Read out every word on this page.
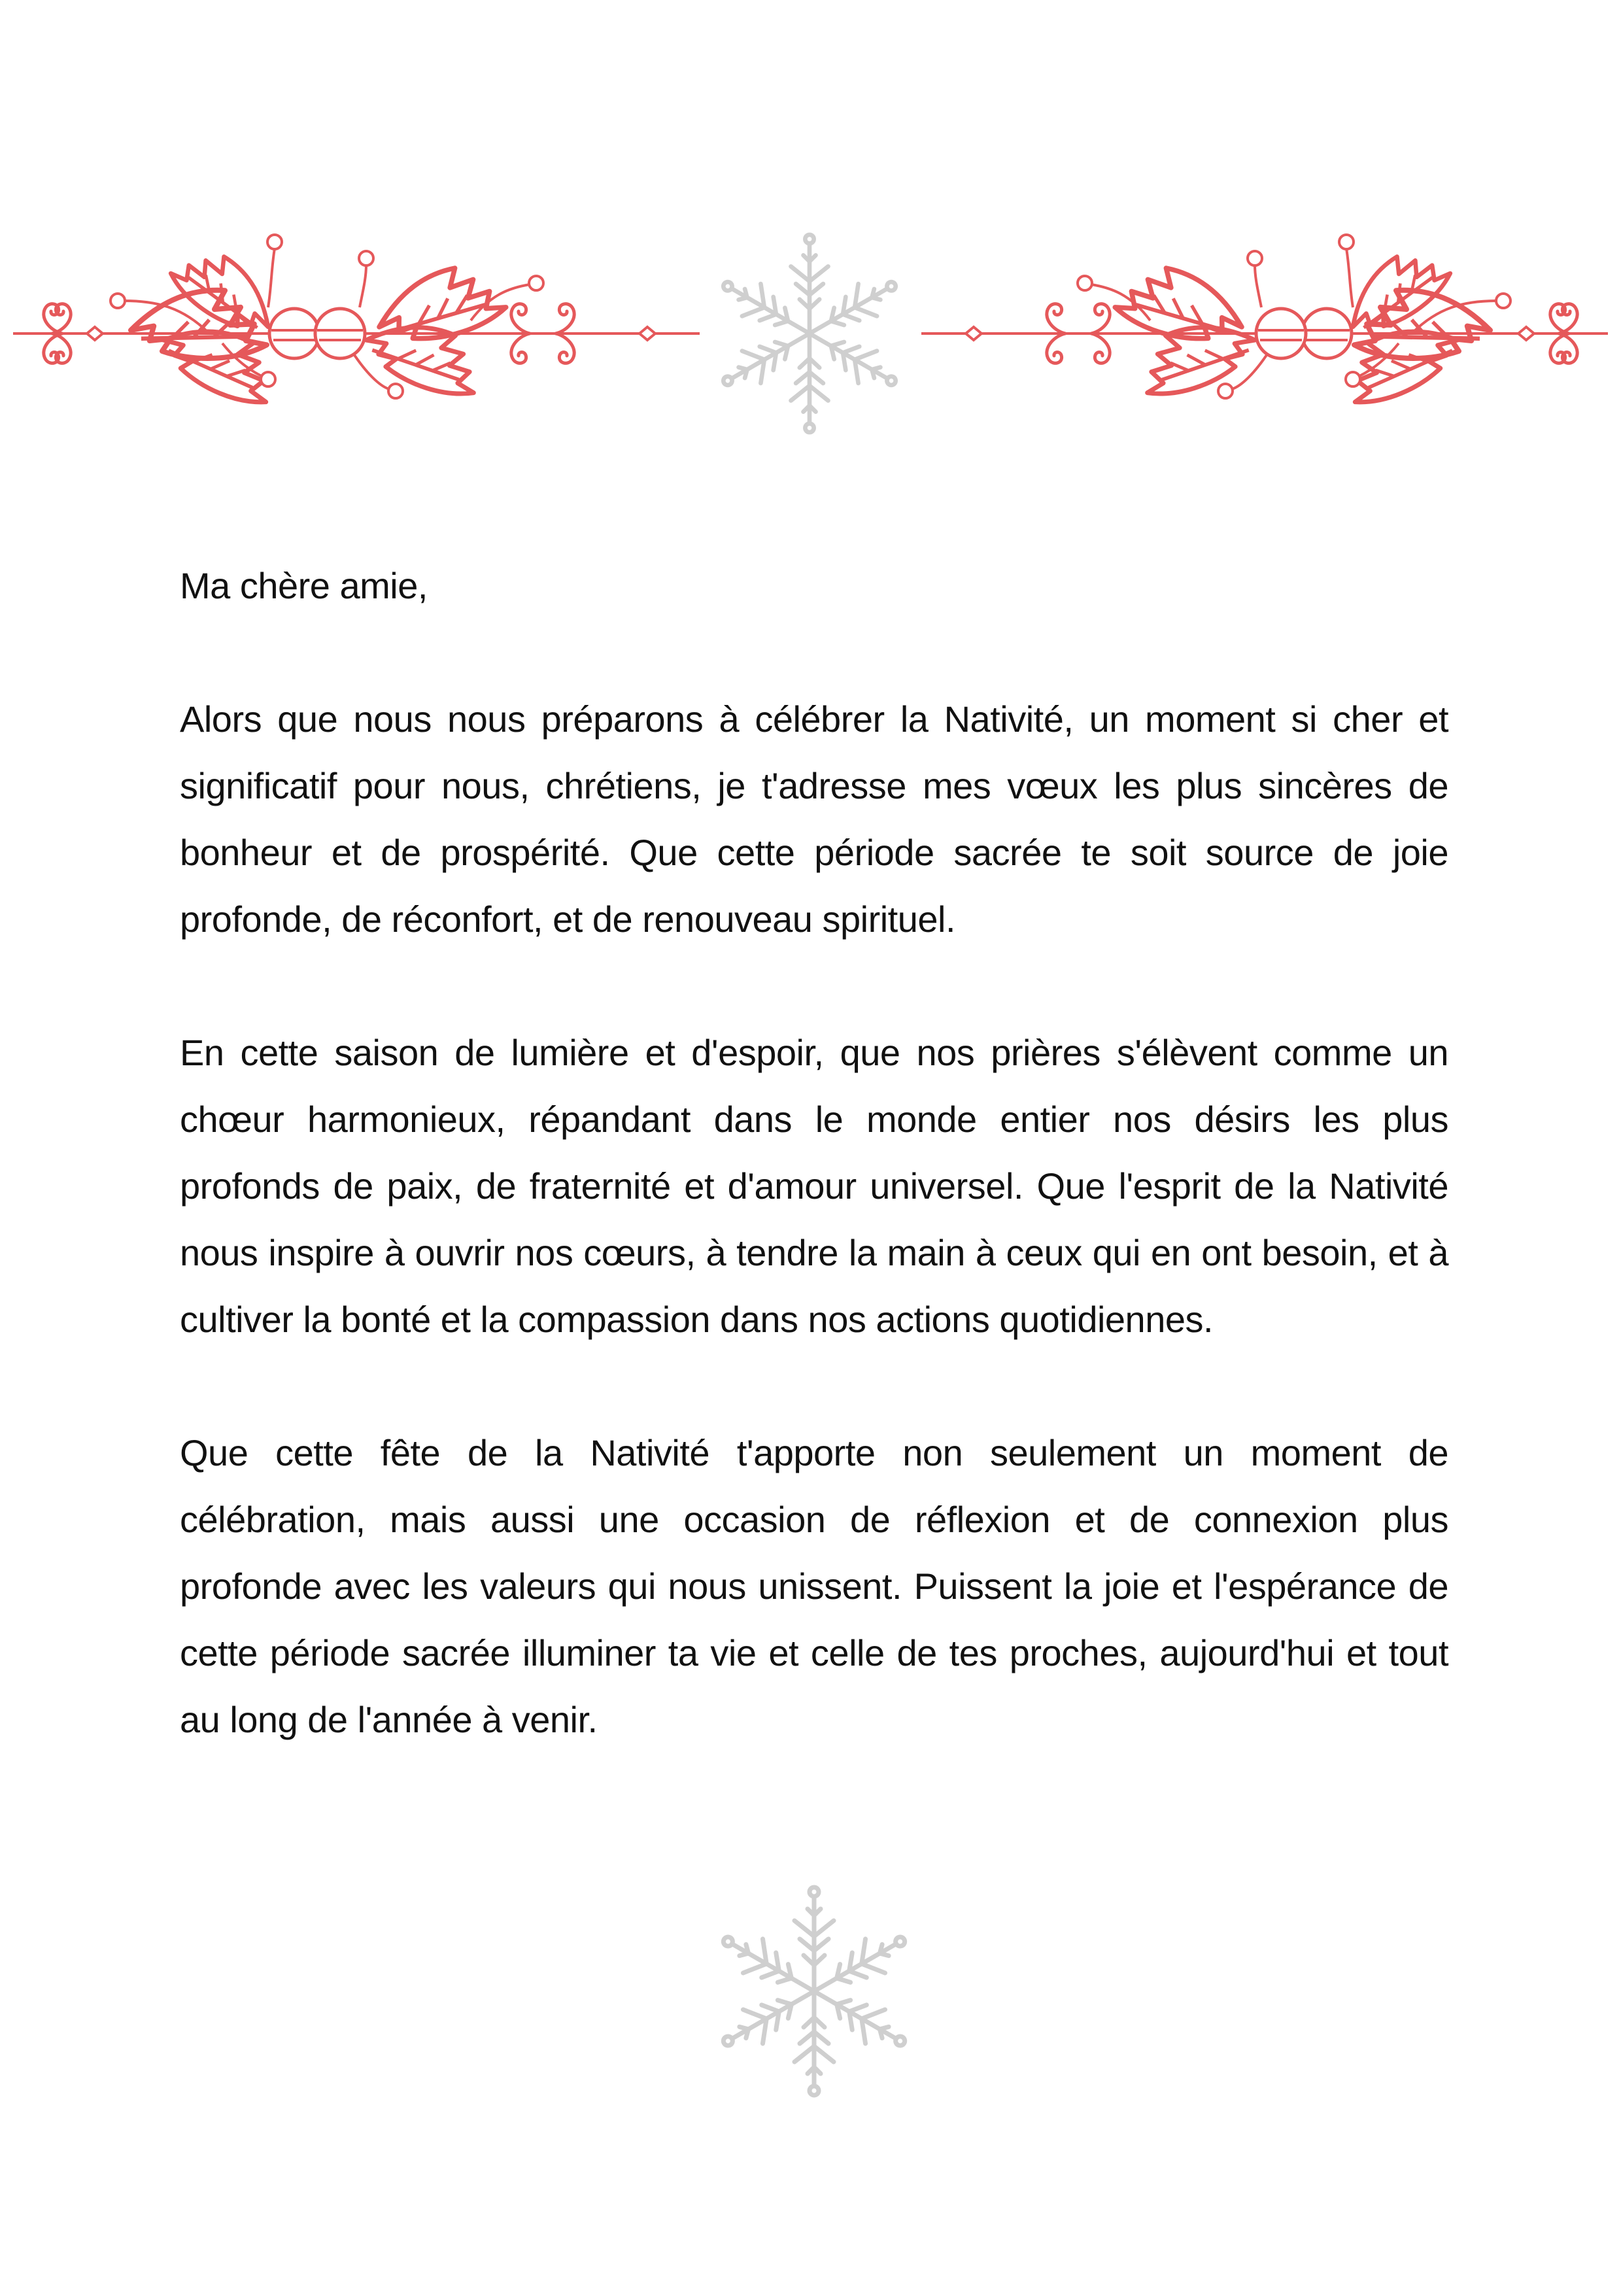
Ma chère amie,

Alors que nous nous préparons à célébrer la Nativité, un moment si cher et significatif pour nous, chrétiens, je t'adresse mes vœux les plus sincères de bonheur et de prospérité. Que cette période sacrée te soit source de joie profonde, de réconfort, et de renouveau spirituel.

En cette saison de lumière et d'espoir, que nos prières s'élèvent comme un chœur harmonieux, répandant dans le monde entier nos désirs les plus profonds de paix, de fraternité et d'amour universel. Que l'esprit de la Nativité nous inspire à ouvrir nos cœurs, à tendre la main à ceux qui en ont besoin, et à cultiver la bonté et la compassion dans nos actions quotidiennes.

Que cette fête de la Nativité t'apporte non seulement un moment de célébration, mais aussi une occasion de réflexion et de connexion plus profonde avec les valeurs qui nous unissent. Puissent la joie et l'espérance de cette période sacrée illuminer ta vie et celle de tes proches, aujourd'hui et tout au long de l'année à venir.
